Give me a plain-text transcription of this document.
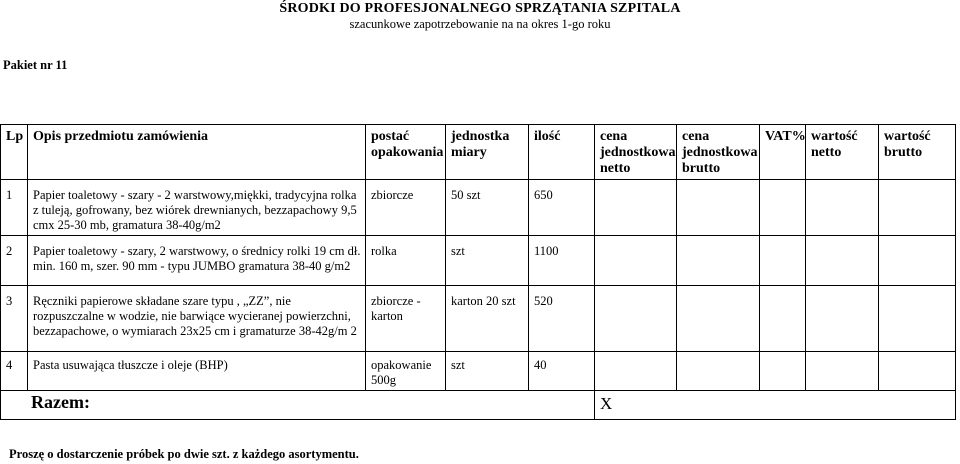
ŚRODKI DO PROFESJONALNEGO SPRZĄTANIA SZPITALA
szacunkowe zapotrzebowanie na na okres 1-go roku
Pakiet nr 11
Lp	Opis przedmiotu zamówienia	postać opakowania	jednostka miary	ilość	cena jednostkowa netto	cena jednostkowa brutto	VAT%	wartość netto	wartość brutto
1	Papier toaletowy - szary - 2 warstwowy,miękki, tradycyjna rolka z tuleją, gofrowany, bez wiórek drewnianych, bezzapachowy 9,5 cmx 25-30 mb, gramatura 38-40g/m2	zbiorcze	50 szt	650					
2	Papier toaletowy - szary, 2 warstwowy, o średnicy rolki 19 cm dł. min. 160 m, szer. 90 mm - typu JUMBO gramatura 38-40 g/m2	rolka	szt	1100					
3	Ręczniki papierowe składane szare typu , „ZZ”, nie rozpuszczalne w wodzie, nie barwiące wycieranej powierzchni, bezzapachowe, o wymiarach 23x25 cm i gramaturze 38-42g/m 2	zbiorcze - karton	karton 20 szt	520					
4	Pasta usuwająca tłuszcze i oleje (BHP)	opakowanie 500g	szt	40					
Razem:					X				
Proszę o dostarczenie próbek po dwie szt. z każdego asortymentu.
